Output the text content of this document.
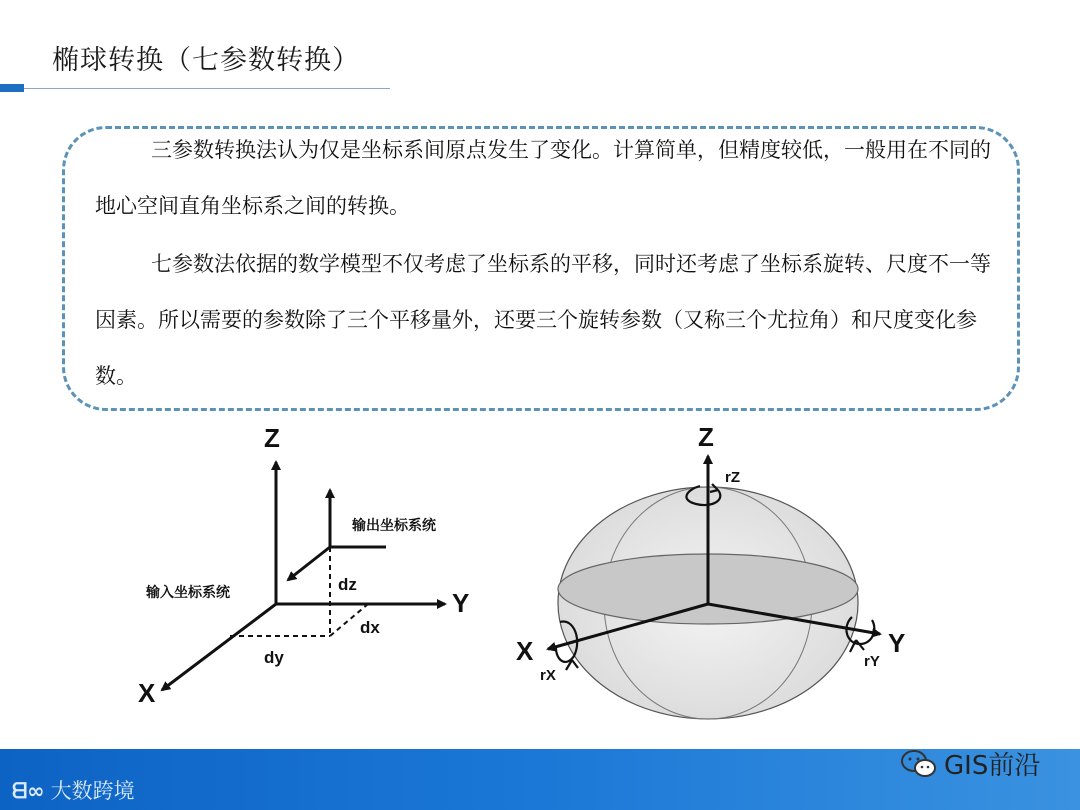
椭球转换（七参数转换）

三参数转换法认为仅是坐标系间原点发生了变化。计算简单，但精度较低，一般用在不同的地心空间直角坐标系之间的转换。

七参数法依据的数学模型不仅考虑了坐标系的平移，同时还考虑了坐标系旋转、尺度不一等因素。所以需要的参数除了三个平移量外，还要三个旋转参数（又称三个尤拉角）和尺度变化参数。

Z
Y
X
输出坐标系统
输入坐标系统	dz
dx
dy
Z
Y
X
rZ
rY
rX
ᗺ∞ 大数跨境
GIS前沿
